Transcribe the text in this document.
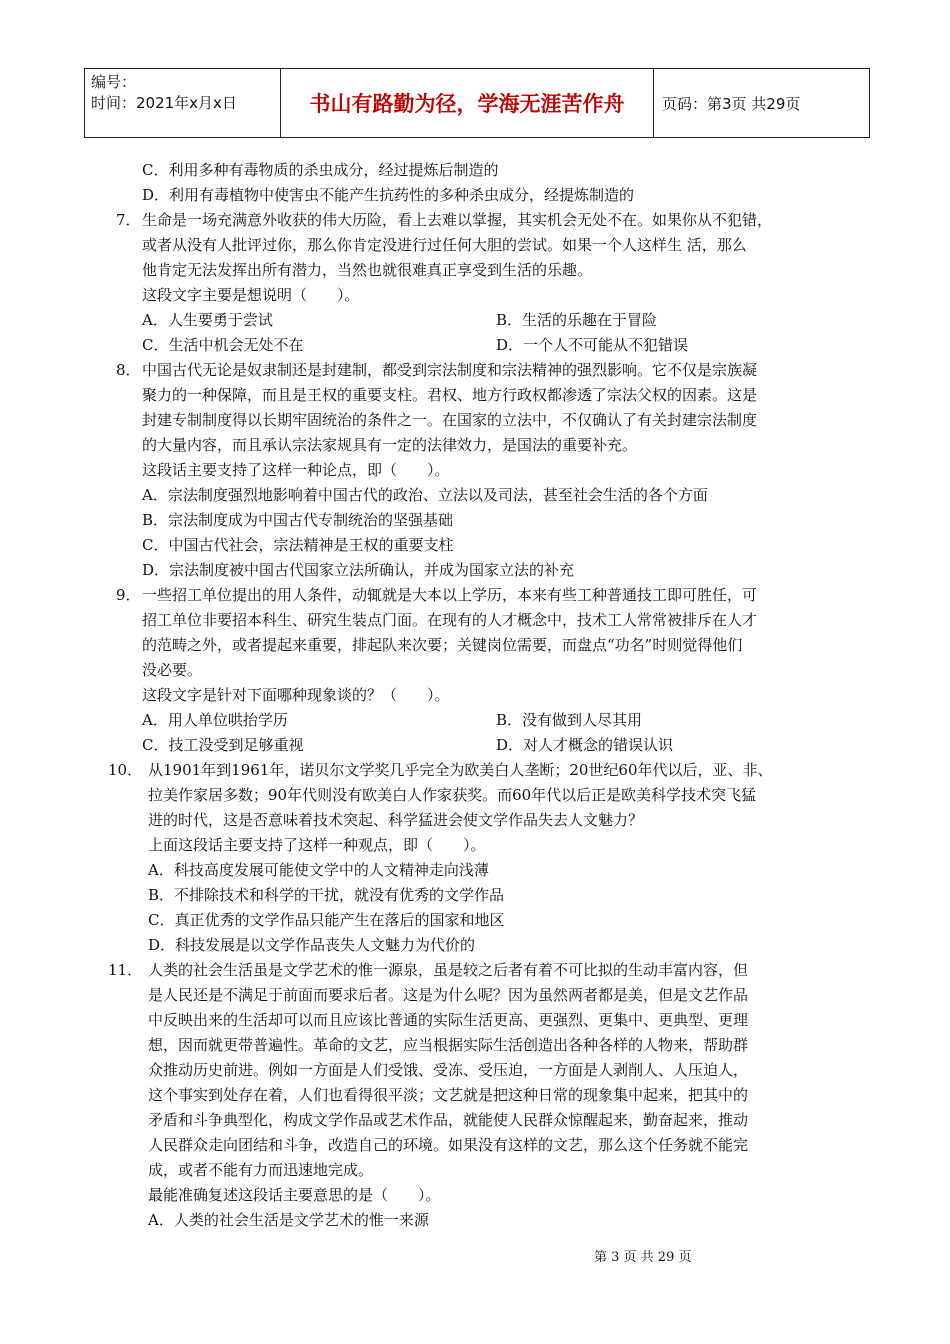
编号：
时间：2021年x月x日	书山有路勤为径，学海无涯苦作舟	页码：第3页 共29页
C．利用多种有毒物质的杀虫成分，经过提炼后制造的
D．利用有毒植物中使害虫不能产生抗药性的多种杀虫成分，经提炼制造的
7． 生命是一场充满意外收获的伟大历险，看上去难以掌握，其实机会无处不在。如果你从不犯错，
或者从没有人批评过你，那么你肯定没进行过任何大胆的尝试。如果一个人这样生 活，那么
他肯定无法发挥出所有潜力，当然也就很难真正享受到生活的乐趣。
这段文字主要是想说明（　　）。
A．人生要勇于尝试	B．生活的乐趣在于冒险
C．生活中机会无处不在	D．一个人不可能从不犯错误
8． 中国古代无论是奴隶制还是封建制，都受到宗法制度和宗法精神的强烈影响。它不仅是宗族凝
聚力的一种保障，而且是王权的重要支柱。君权、地方行政权都渗透了宗法父权的因素。这是
封建专制制度得以长期牢固统治的条件之一。在国家的立法中，不仅确认了有关封建宗法制度
的大量内容，而且承认宗法家规具有一定的法律效力，是国法的重要补充。
这段话主要支持了这样一种论点，即（　　）。
A．宗法制度强烈地影响着中国古代的政治、立法以及司法，甚至社会生活的各个方面
B．宗法制度成为中国古代专制统治的坚强基础
C．中国古代社会，宗法精神是王权的重要支柱
D．宗法制度被中国古代国家立法所确认，并成为国家立法的补充
9． 一些招工单位提出的用人条件，动辄就是大本以上学历，本来有些工种普通技工即可胜任，可
招工单位非要招本科生、研究生装点门面。在现有的人才概念中，技术工人常常被排斥在人才
的范畴之外，或者提起来重要，排起队来次要；关键岗位需要，而盘点“功名”时则觉得他们
没必要。
这段文字是针对下面哪种现象谈的？（　　）。
A．用人单位哄抬学历	B．没有做到人尽其用
C．技工没受到足够重视	D．对人才概念的错误认识
10． 从1901年到1961年，诺贝尔文学奖几乎完全为欧美白人垄断；20世纪60年代以后，亚、非、
拉美作家居多数；90年代则没有欧美白人作家获奖。而60年代以后正是欧美科学技术突飞猛
进的时代，这是否意味着技术突起、科学猛进会使文学作品失去人文魅力？
上面这段话主要支持了这样一种观点，即（　　）。
A．科技高度发展可能使文学中的人文精神走向浅薄
B．不排除技术和科学的干扰，就没有优秀的文学作品
C．真正优秀的文学作品只能产生在落后的国家和地区
D．科技发展是以文学作品丧失人文魅力为代价的
11． 人类的社会生活虽是文学艺术的惟一源泉，虽是较之后者有着不可比拟的生动丰富内容，但
是人民还是不满足于前面而要求后者。这是为什么呢？因为虽然两者都是美，但是文艺作品
中反映出来的生活却可以而且应该比普通的实际生活更高、更强烈、更集中、更典型、更理
想，因而就更带普遍性。革命的文艺，应当根据实际生活创造出各种各样的人物来，帮助群
众推动历史前进。例如一方面是人们受饿、受冻、受压迫，一方面是人剥削人、人压迫人，
这个事实到处存在着，人们也看得很平淡；文艺就是把这种日常的现象集中起来，把其中的
矛盾和斗争典型化，构成文学作品或艺术作品，就能使人民群众惊醒起来，勤奋起来，推动
人民群众走向团结和斗争，改造自己的环境。如果没有这样的文艺，那么这个任务就不能完
成，或者不能有力而迅速地完成。
最能准确复述这段话主要意思的是（　　）。
A．人类的社会生活是文学艺术的惟一来源
第 3 页 共 29 页
